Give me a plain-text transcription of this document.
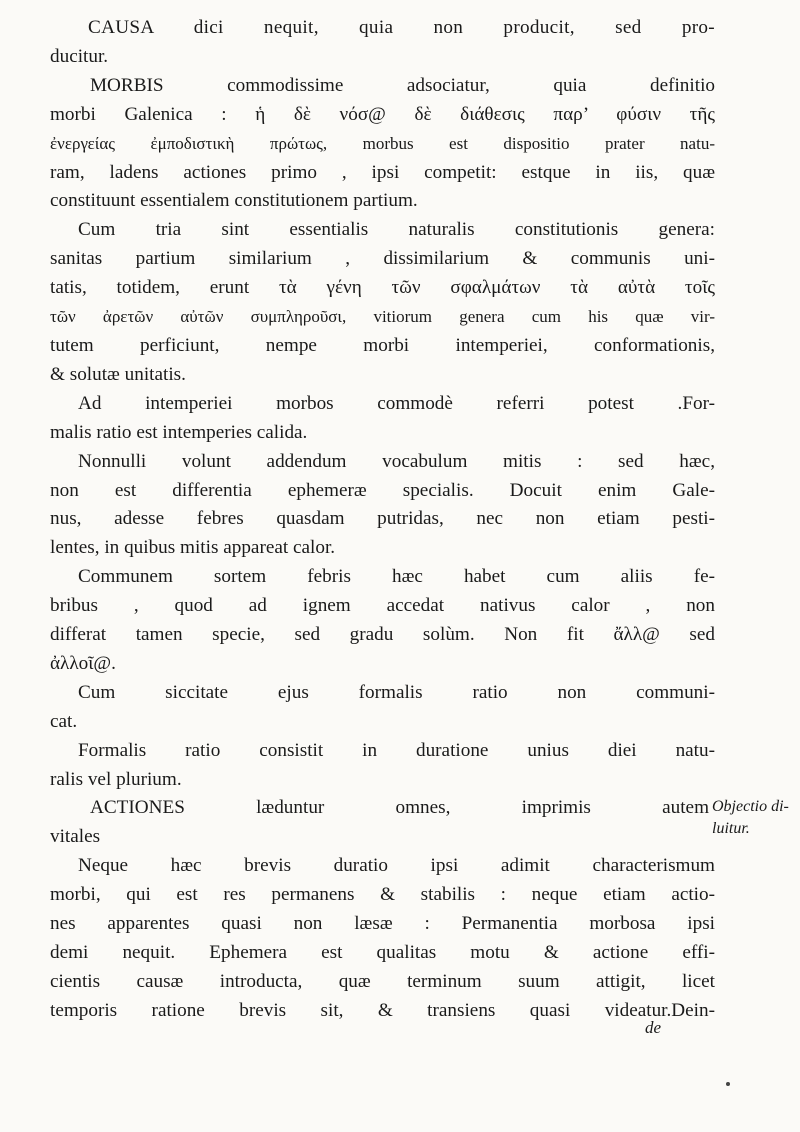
CAUSA dici nequit, quia non producit, sed pro-
ducitur.
MORBIS commodissime adsociatur, quia definitio
morbi Galenica : ἡ δὲ νόσ@ δὲ διάθεσις παρ’ φύσιν τῆς
ἐνεργείας ἐμποδιστικὴ πρώτως, morbus est dispositio prater natu-
ram, ladens actiones primo , ipsi competit: estque in iis, quæ
constituunt essentialem constitutionem partium.
Cum tria sint essentialis naturalis constitutionis genera:
sanitas partium similarium , dissimilarium & communis uni-
tatis, totidem, erunt τὰ γένη τῶν σφαλμάτων τὰ αὐτὰ τοῖς
τῶν ἀρετῶν αὐτῶν συμπληροῦσι, vitiorum genera cum his quæ vir-
tutem perficiunt, nempe morbi intemperiei, conformationis,
& solutæ unitatis.
Ad intemperiei morbos commodè referri potest .For-
malis ratio est intemperies calida.
Nonnulli volunt addendum vocabulum mitis : sed hæc,
non est differentia ephemeræ specialis. Docuit enim Gale-
nus, adesse febres quasdam putridas, nec non etiam pesti-
lentes, in quibus mitis appareat calor.
Communem sortem febris hæc habet cum aliis fe-
bribus , quod ad ignem accedat nativus calor , non
differat tamen specie, sed gradu solùm. Non fit ἄλλ@ sed
ἀλλοῖ@.
Cum siccitate ejus formalis ratio non communi-
cat.
Formalis ratio consistit in duratione unius diei natu-
ralis vel plurium.
ACTIONES læduntur omnes, imprimis autem
vitales
Neque hæc brevis duratio ipsi adimit characterismum
morbi, qui est res permanens & stabilis : neque etiam actio-
nes apparentes quasi non læsæ : Permanentia morbosa ipsi
demi nequit. Ephemera est qualitas motu & actione effi-
cientis causæ introducta, quæ terminum suum attigit, licet
temporis ratione brevis sit, & transiens quasi videatur.Dein-
Objectio di-
luitur.
de
